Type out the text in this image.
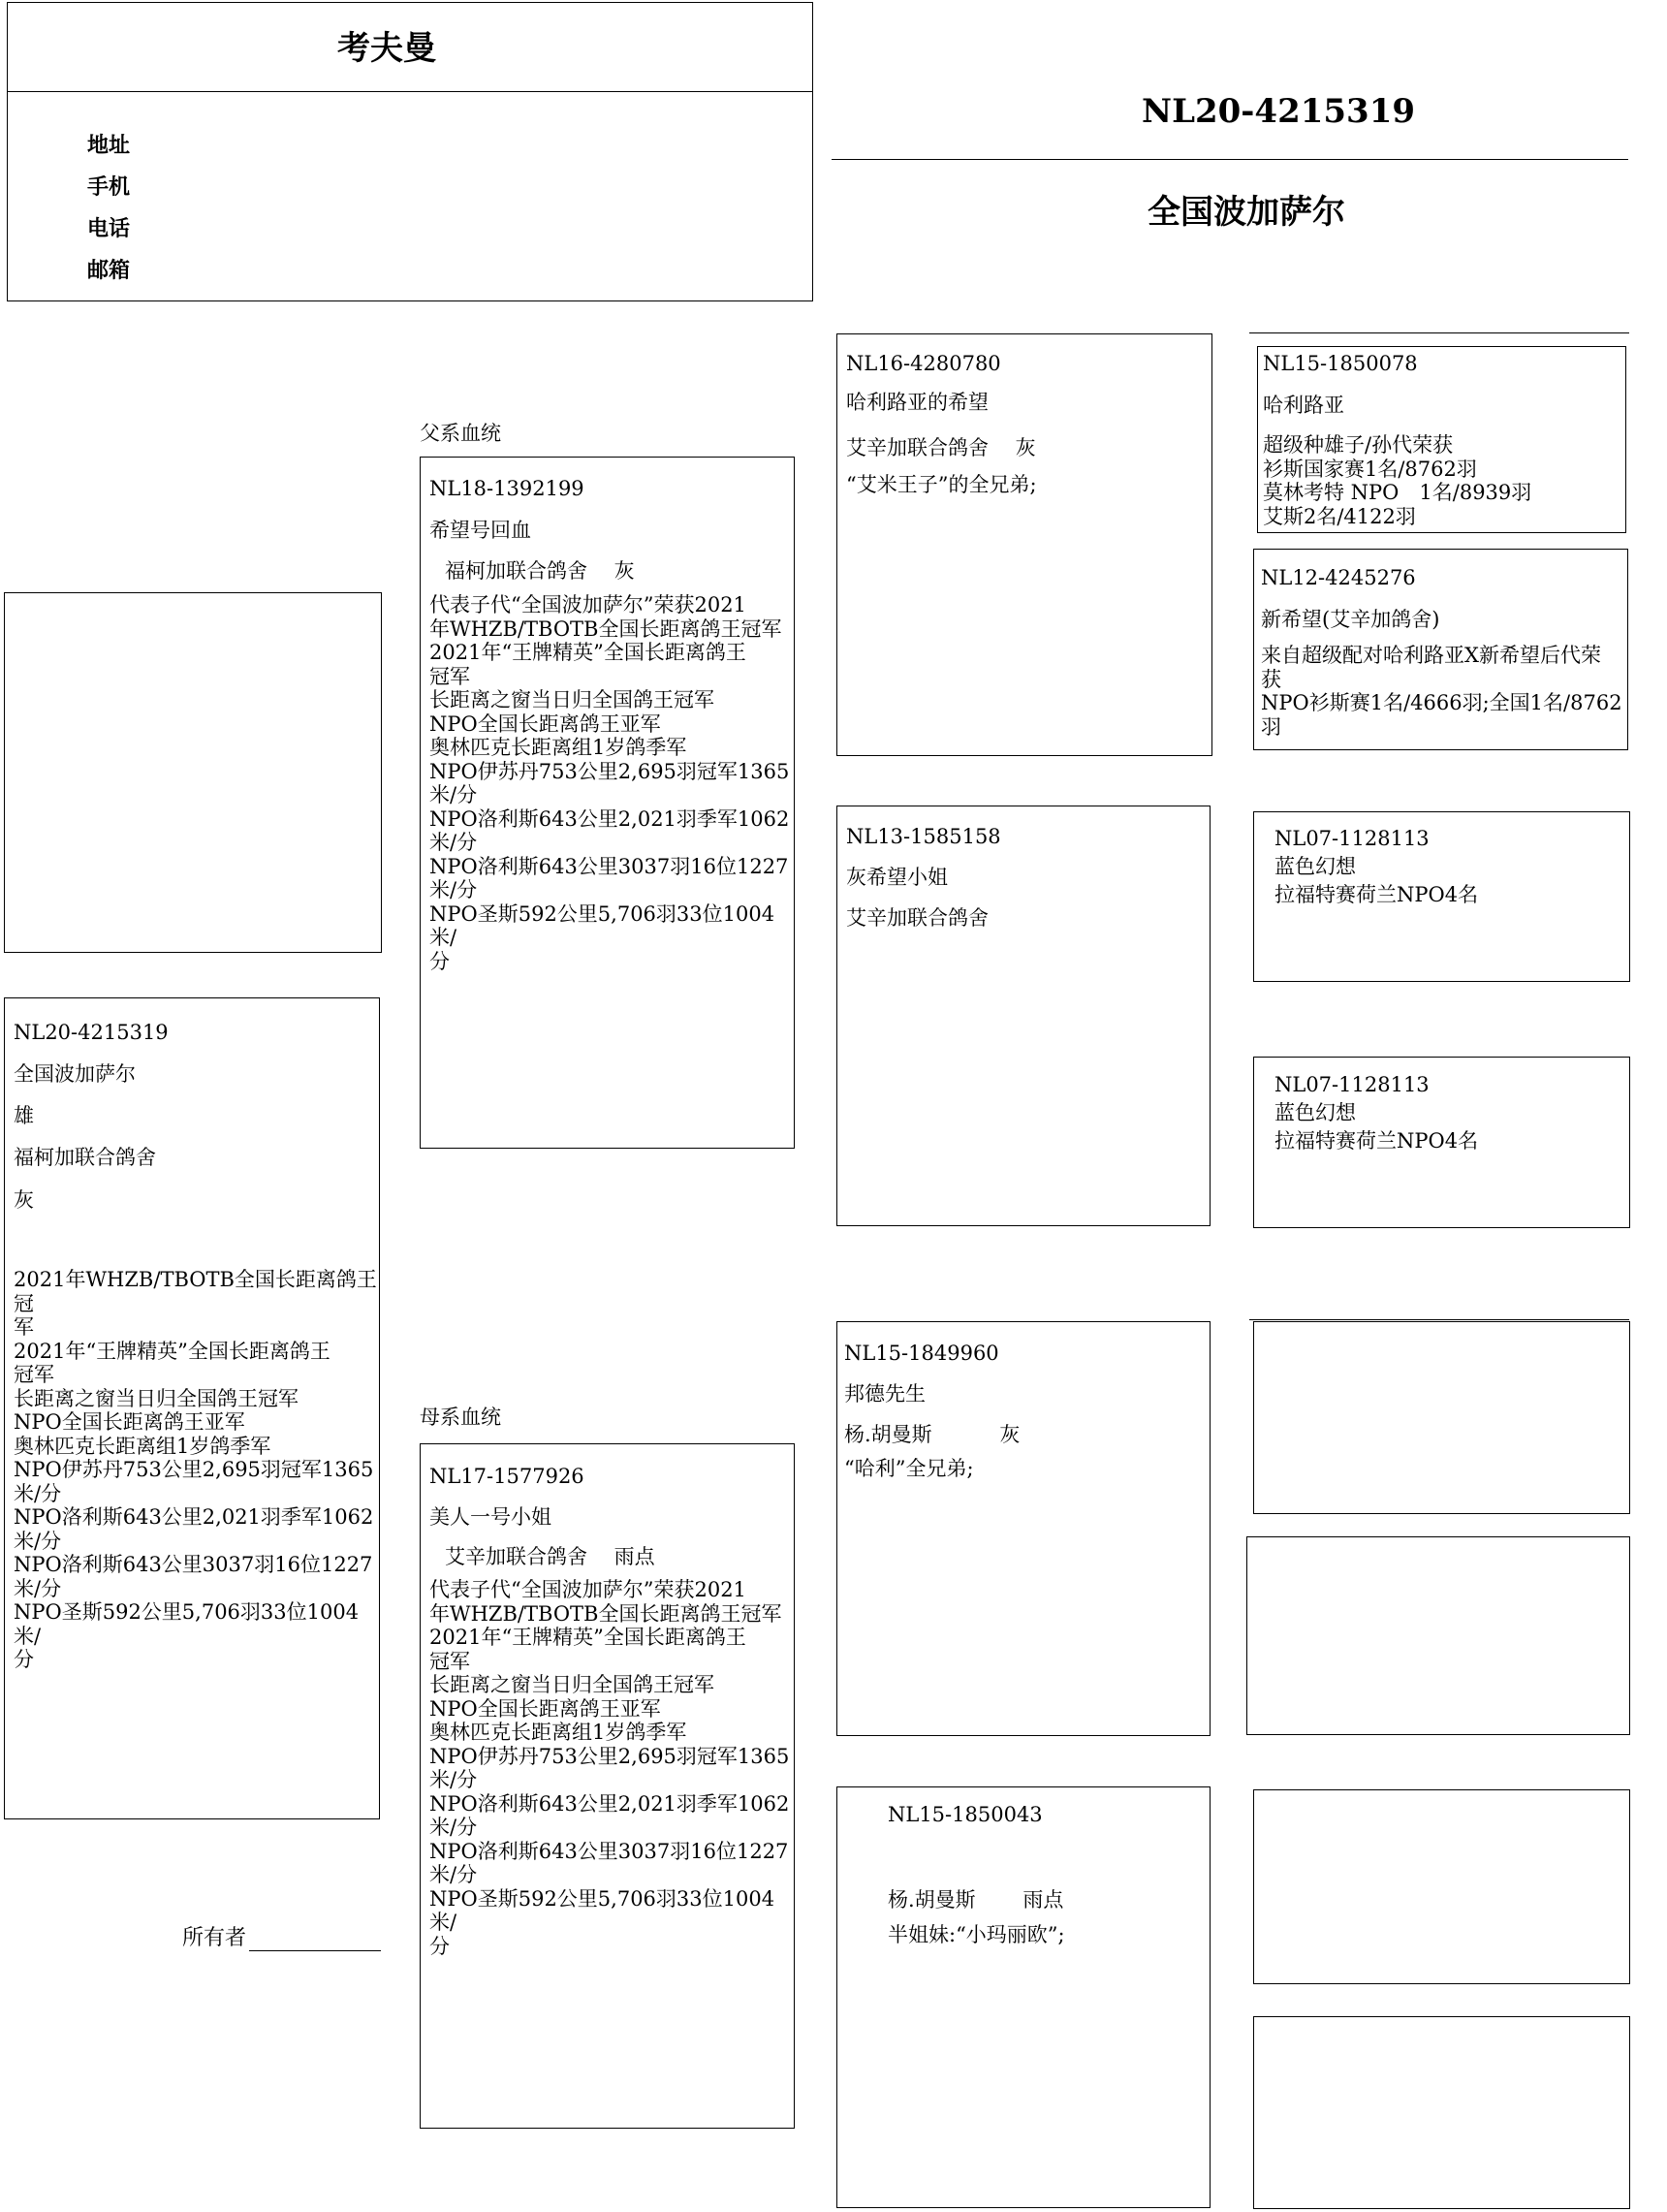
考夫曼
地址
手机
电话
邮箱
NL20-4215319
全国波加萨尔
NL20-4215319
全国波加萨尔
雄
福柯加联合鸽舍
灰
2021年WHZB/TBOTB全国长距离鸽王冠
军
2021年“王牌精英”全国长距离鸽王
冠军
长距离之窗当日归全国鸽王冠军
NPO全国长距离鸽王亚军
奥林匹克长距离组1岁鸽季军
NPO伊苏丹753公里2,695羽冠军1365
米/分
NPO洛利斯643公里2,021羽季军1062
米/分
NPO洛利斯643公里3037羽16位1227
米/分
NPO圣斯592公里5,706羽33位1004米/
分
所有者
父系血统
NL18-1392199
希望号回血
福柯加联合鸽舍　 灰
代表子代“全国波加萨尔”荣获2021
年WHZB/TBOTB全国长距离鸽王冠军
2021年“王牌精英”全国长距离鸽王
冠军
长距离之窗当日归全国鸽王冠军
NPO全国长距离鸽王亚军
奥林匹克长距离组1岁鸽季军
NPO伊苏丹753公里2,695羽冠军1365
米/分
NPO洛利斯643公里2,021羽季军1062
米/分
NPO洛利斯643公里3037羽16位1227
米/分
NPO圣斯592公里5,706羽33位1004米/
分
母系血统
NL17-1577926
美人一号小姐
艾辛加联合鸽舍　 雨点
代表子代“全国波加萨尔”荣获2021
年WHZB/TBOTB全国长距离鸽王冠军
2021年“王牌精英”全国长距离鸽王
冠军
长距离之窗当日归全国鸽王冠军
NPO全国长距离鸽王亚军
奥林匹克长距离组1岁鸽季军
NPO伊苏丹753公里2,695羽冠军1365
米/分
NPO洛利斯643公里2,021羽季军1062
米/分
NPO洛利斯643公里3037羽16位1227
米/分
NPO圣斯592公里5,706羽33位1004米/
分
NL16-4280780
哈利路亚的希望
艾辛加联合鸽舍　 灰
“艾米王子”的全兄弟;
NL13-1585158
灰希望小姐
艾辛加联合鸽舍
NL15-1849960
邦德先生
杨.胡曼斯　　　 灰
“哈利”全兄弟;
NL15-1850043
杨.胡曼斯　　 雨点
半姐妹:“小玛丽欧”;
NL15-1850078
哈利路亚
超级种雄子/孙代荣获
衫斯国家赛1名/8762羽
莫林考特 NPO　1名/8939羽
艾斯2名/4122羽
NL12-4245276
新希望(艾辛加鸽舍)
来自超级配对哈利路亚X新希望后代荣
获
NPO衫斯赛1名/4666羽;全国1名/8762
羽
NL07-1128113
蓝色幻想
拉福特赛荷兰NPO4名
NL07-1128113
蓝色幻想
拉福特赛荷兰NPO4名
